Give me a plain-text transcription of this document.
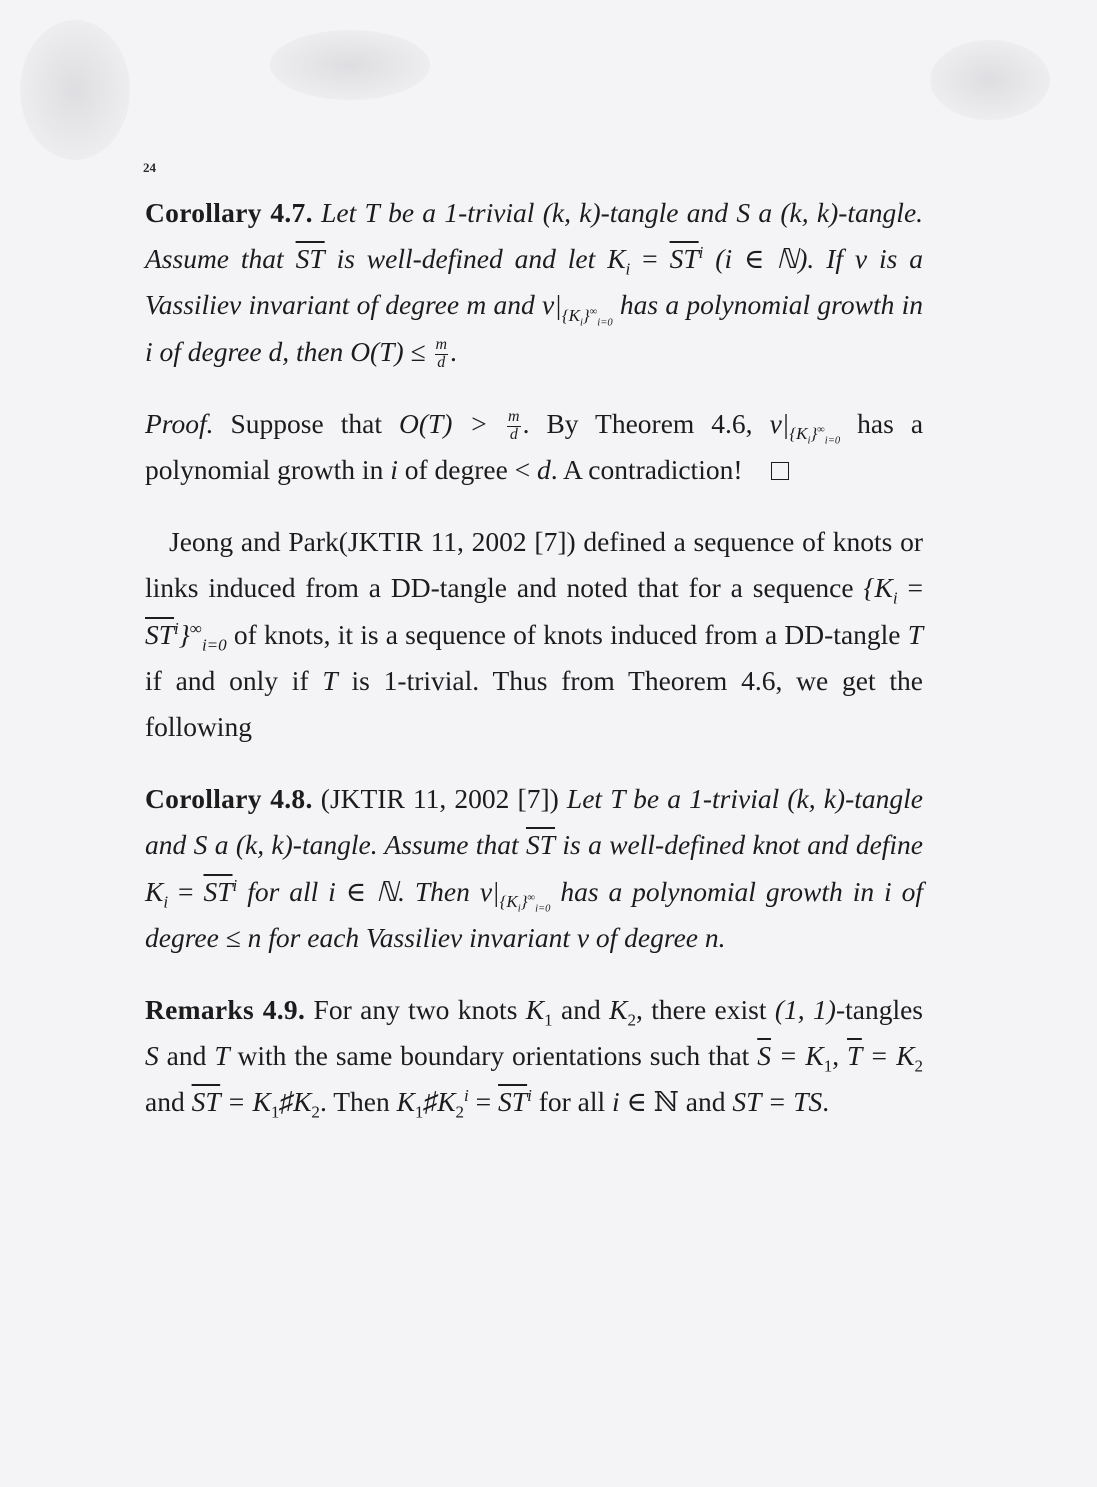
24

Corollary 4.7. Let T be a 1-trivial (k, k)-tangle and S a (k, k)-tangle. Assume that $\overline{ST}$ is well-defined and let $K_i = \overline{ST}^i$ (i ∈ ℕ). If v is a Vassiliev invariant of degree m and $v|_{\{K_i\}^\infty_{i=0}}$ has a polynomial growth in i of degree d, then $O(T) \le \frac{m}{d}$ .

Proof. Suppose that $O(T) > \frac{m}{d}$ . By Theorem 4.6, $v|_{\{K_i\}^\infty_{i=0}}$ has a polynomial growth in i of degree < d. A contradiction!

Jeong and Park(JKTIR 11, 2002 [7]) defined a sequence of knots or links induced from a DD-tangle and noted that for a sequence $\{K_i = \overline{ST}^i\}^\infty_{i=0}$ of knots, it is a sequence of knots induced from a DD-tangle T if and only if T is 1-trivial. Thus from Theorem 4.6, we get the following

Corollary 4.8. (JKTIR 11, 2002 [7]) Let T be a 1-trivial (k, k)-tangle and S a (k, k)-tangle. Assume that $\overline{ST}$ is a well-defined knot and define $K_i = \overline{ST}^i$ for all i ∈ ℕ. Then $v|_{\{K_i\}^\infty_{i=0}}$ has a polynomial growth in i of degree ≤ n for each Vassiliev invariant v of degree n.

Remarks 4.9. For any two knots $K_1$ and $K_2$, there exist (1, 1)-tangles S and T with the same boundary orientations such that $\overline{S} = K_1$, $\overline{T} = K_2$ and $\overline{ST}$ = $K_1♯K_2$. Then $K_1♯K_2^i = \overline{ST}^i$ for all i ∈ ℕ and ST = TS.
